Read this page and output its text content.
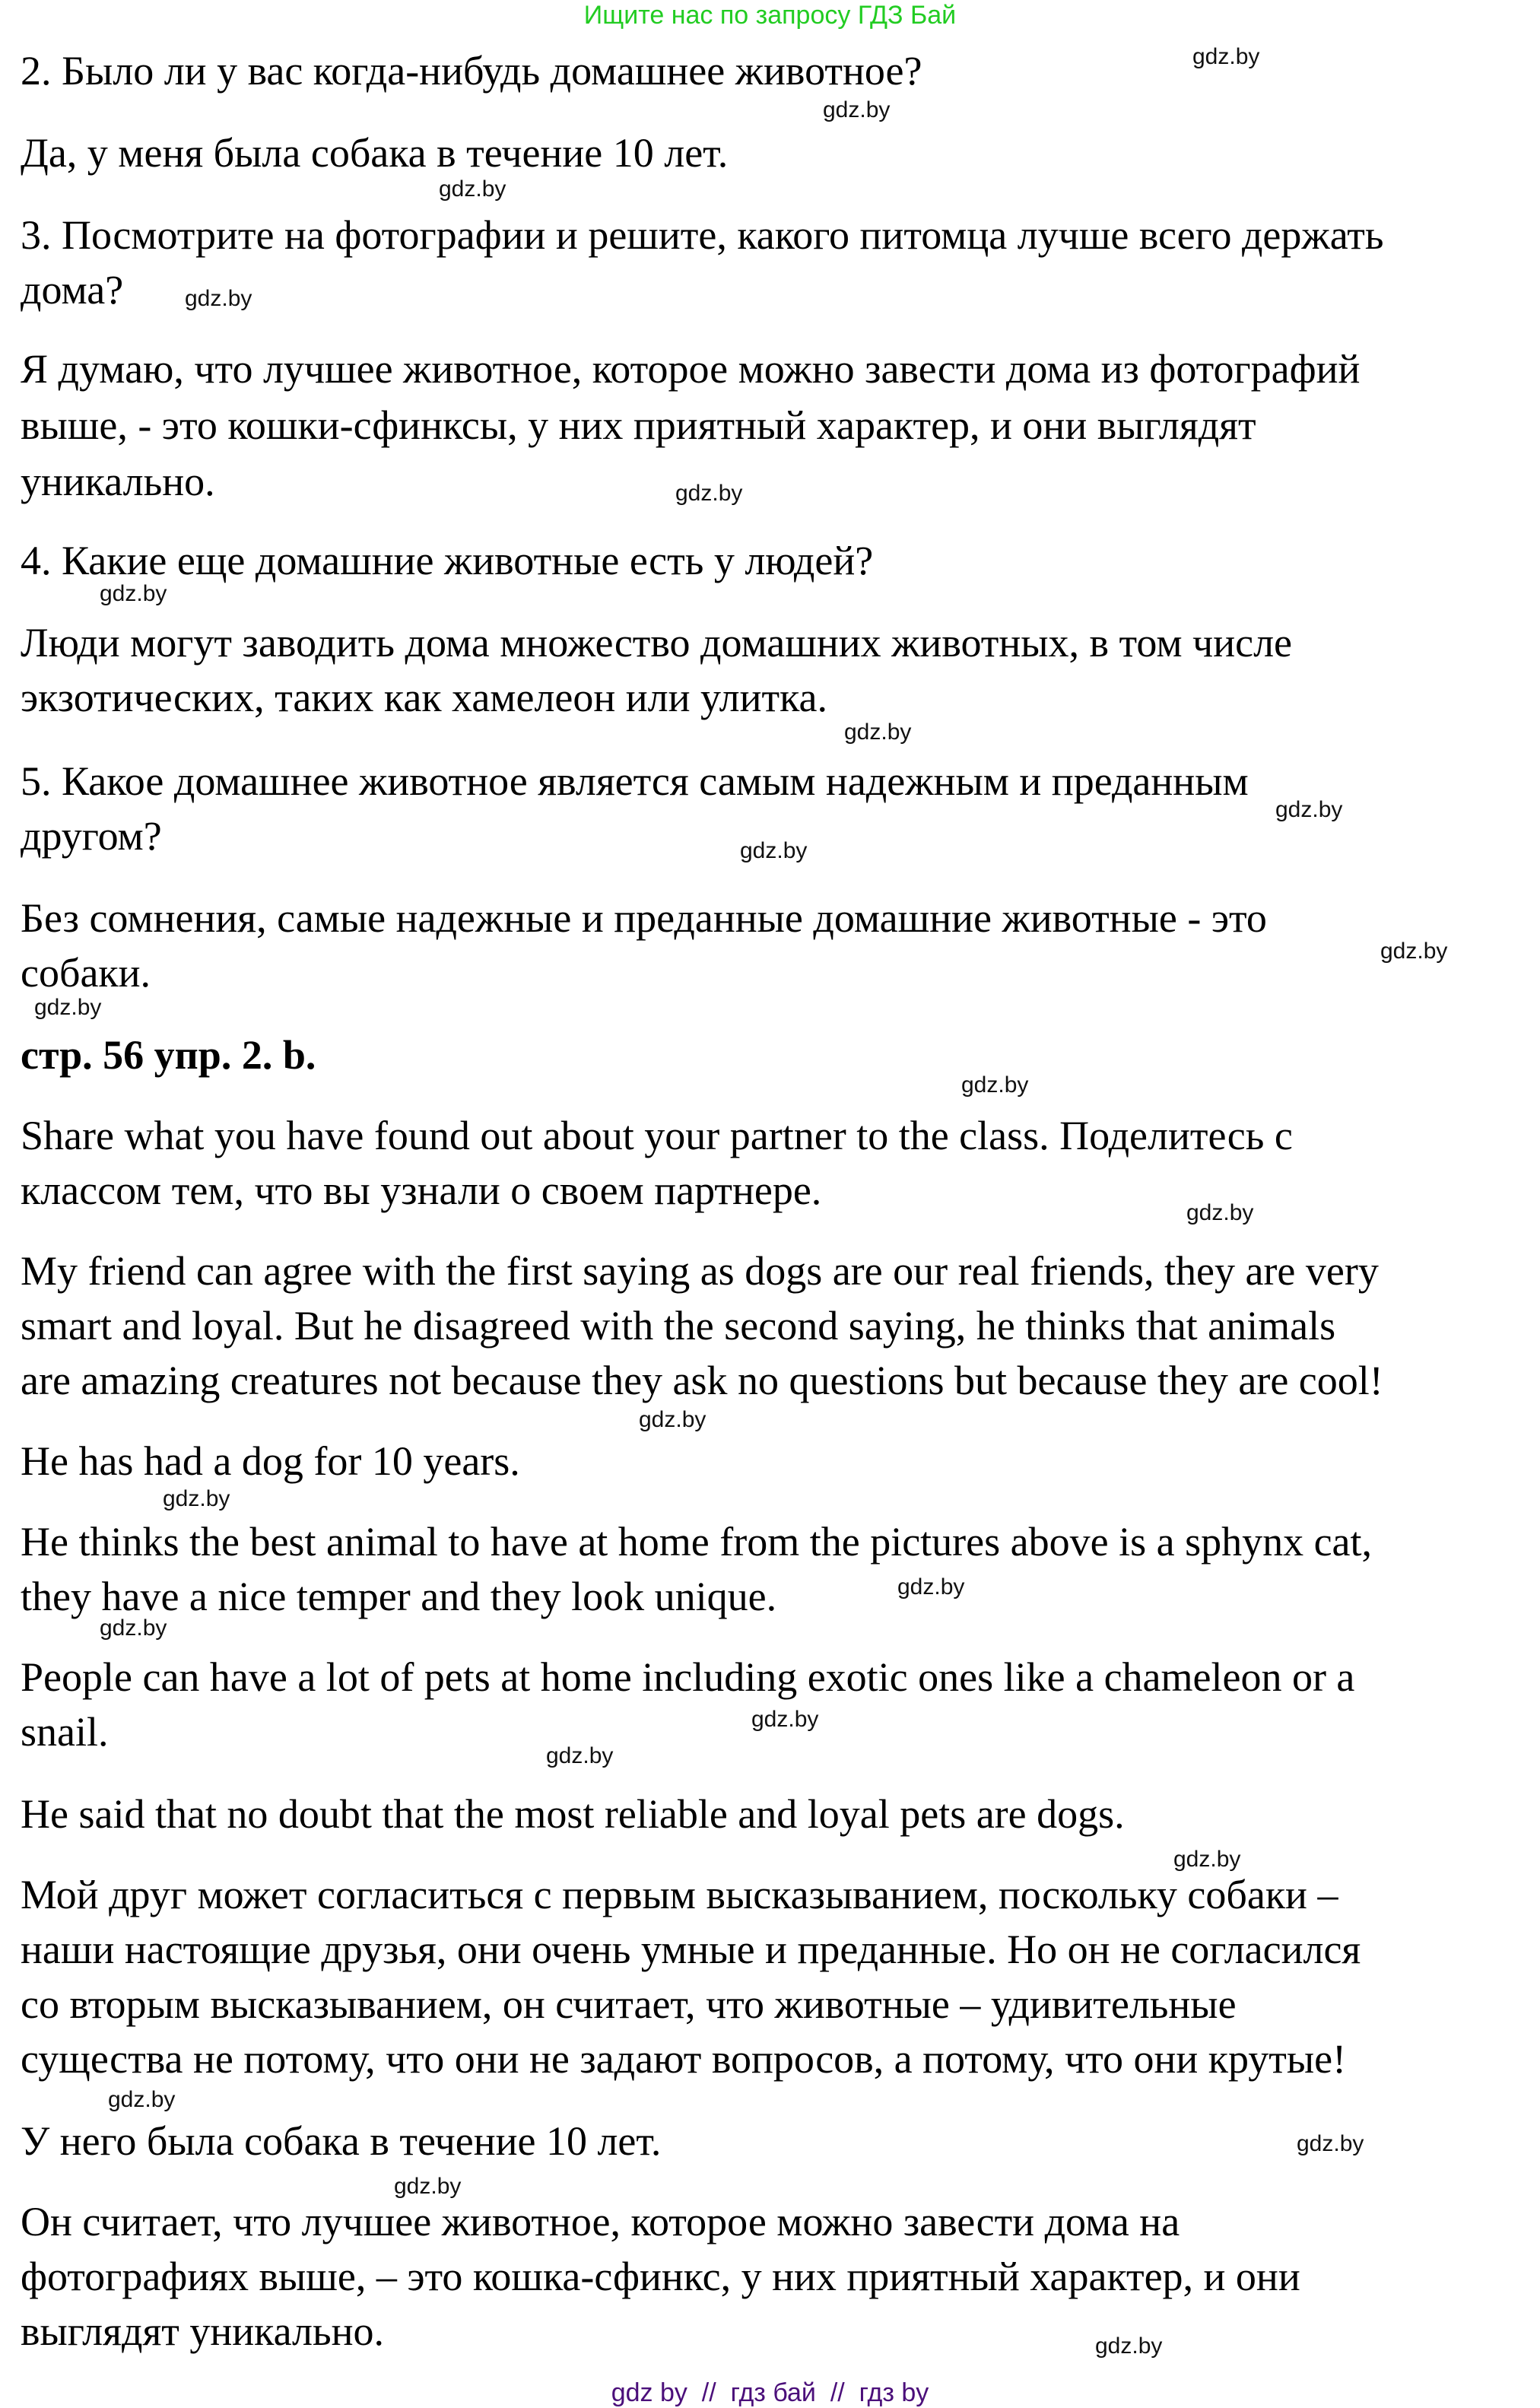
Ищите нас по запросу ГДЗ Бай
2. Было ли у вас когда-нибудь домашнее животное?
Да, у меня была собака в течение 10 лет.
3. Посмотрите на фотографии и решите, какого питомца лучше всего держать
дома?
Я думаю, что лучшее животное, которое можно завести дома из фотографий
выше, - это кошки-сфинксы, у них приятный характер, и они выглядят
уникально.
4. Какие еще домашние животные есть у людей?
Люди могут заводить дома множество домашних животных, в том числе
экзотических, таких как хамелеон или улитка.
5. Какое домашнее животное является самым надежным и преданным
другом?
Без сомнения, самые надежные и преданные домашние животные - это
собаки.
стр. 56 упр. 2. b.
Share what you have found out about your partner to the class. Поделитесь с
классом тем, что вы узнали о своем партнере.
My friend can agree with the first saying as dogs are our real friends, they are very
smart and loyal. But he disagreed with the second saying, he thinks that animals
are amazing creatures not because they ask no questions but because they are cool!
He has had a dog for 10 years.
He thinks the best animal to have at home from the pictures above is a sphynx cat,
they have a nice temper and they look unique.
People can have a lot of pets at home including exotic ones like a chameleon or a
snail.
He said that no doubt that the most reliable and loyal pets are dogs.
Мой друг может согласиться с первым высказыванием, поскольку собаки –
наши настоящие друзья, они очень умные и преданные. Но он не согласился
со вторым высказыванием, он считает, что животные – удивительные
существа не потому, что они не задают вопросов, а потому, что они крутые!
У него была собака в течение 10 лет.
Он считает, что лучшее животное, которое можно завести дома на
фотографиях выше, – это кошка-сфинкс, у них приятный характер, и они
выглядят уникально.
gdz.by
gdz.by
gdz.by
gdz.by
gdz.by
gdz.by
gdz.by
gdz.by
gdz.by
gdz.by
gdz.by
gdz.by
gdz.by
gdz.by
gdz.by
gdz.by
gdz.by
gdz.by
gdz.by
gdz.by
gdz.by
gdz.by
gdz.by
gdz.by
gdz by  //  гдз бай  //  гдз by
